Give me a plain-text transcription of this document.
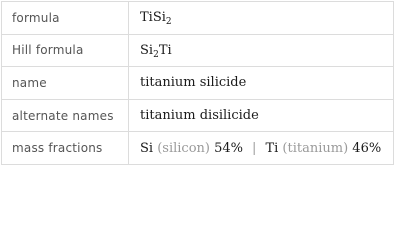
formula	TiSi$_2$
Hill formula	$Si_2Ti$
name	titanium silicide
alternate names	titanium disilicide
mass fractions	Si (silicon) 54% | Ti (titanium) 46%
